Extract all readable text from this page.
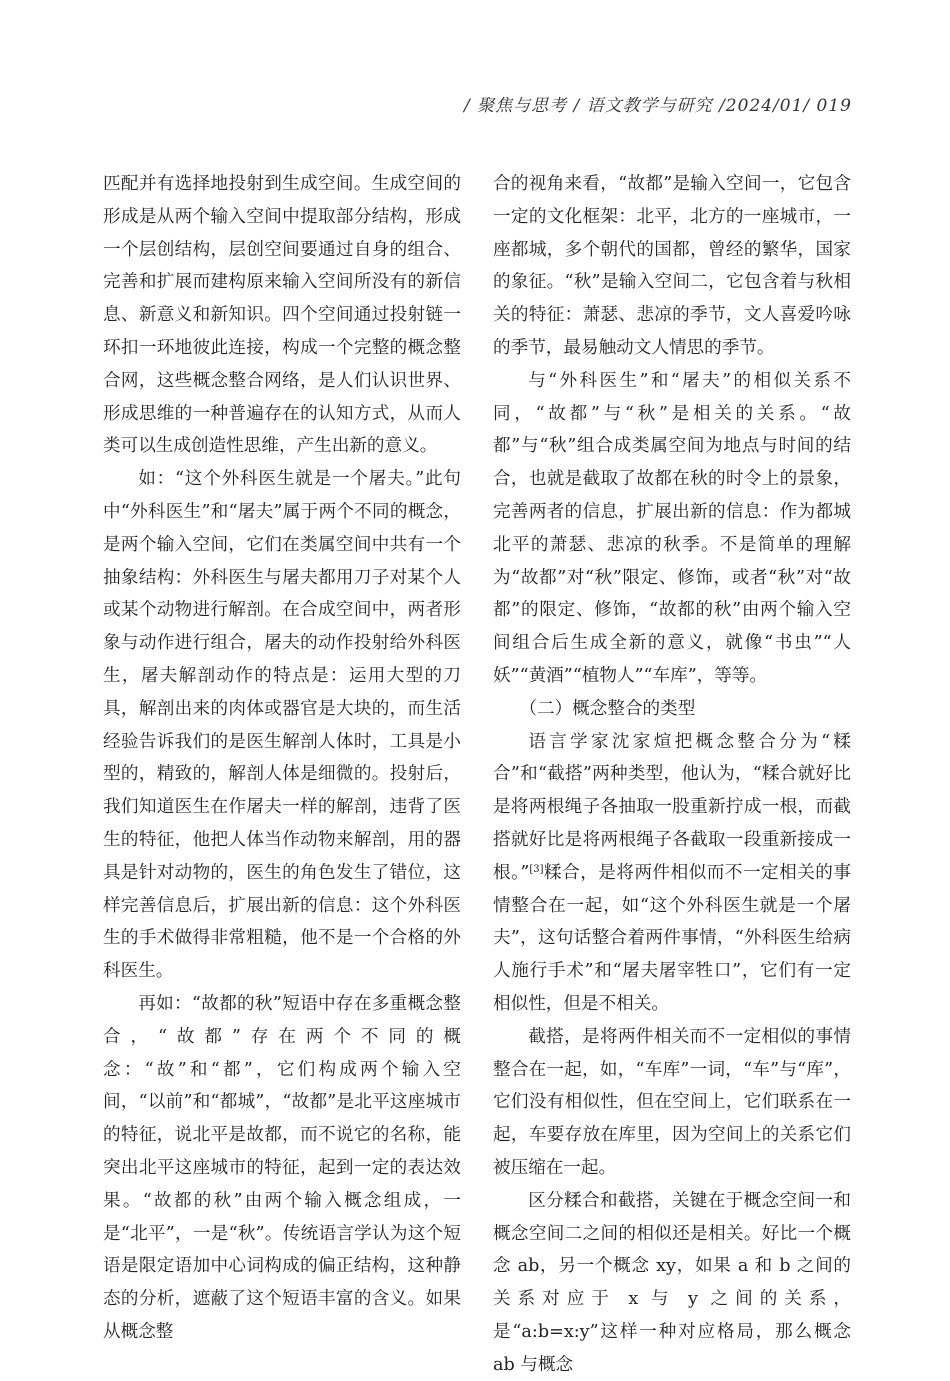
/ 聚焦与思考 / 语文教学与研究 /2024/01/ 019

匹配并有选择地投射到生成空间。生成空间的形成是从两个输入空间中提取部分结构，形成一个层创结构，层创空间要通过自身的组合、完善和扩展而建构原来输入空间所没有的新信息、新意义和新知识。四个空间通过投射链一环扣一环地彼此连接，构成一个完整的概念整合网，这些概念整合网络，是人们认识世界、形成思维的一种普遍存在的认知方式，从而人类可以生成创造性思维，产生出新的意义。

如：“这个外科医生就是一个屠夫。”此句中“外科医生”和“屠夫”属于两个不同的概念，是两个输入空间，它们在类属空间中共有一个抽象结构：外科医生与屠夫都用刀子对某个人或某个动物进行解剖。在合成空间中，两者形象与动作进行组合，屠夫的动作投射给外科医生，屠夫解剖动作的特点是：运用大型的刀具，解剖出来的肉体或器官是大块的，而生活经验告诉我们的是医生解剖人体时，工具是小型的，精致的，解剖人体是细微的。投射后，我们知道医生在作屠夫一样的解剖，违背了医生的特征，他把人体当作动物来解剖，用的器具是针对动物的，医生的角色发生了错位，这样完善信息后，扩展出新的信息：这个外科医生的手术做得非常粗糙，他不是一个合格的外科医生。

再如：“故都的秋”短语中存在多重概念整合，“故都”存在两个不同的概念：“故”和“都”，它们构成两个输入空间，“以前”和“都城”，“故都”是北平这座城市的特征，说北平是故都，而不说它的名称，能突出北平这座城市的特征，起到一定的表达效果。“故都的秋”由两个输入概念组成，一是“北平”，一是“秋”。传统语言学认为这个短语是限定语加中心词构成的偏正结构，这种静态的分析，遮蔽了这个短语丰富的含义。如果从概念整

合的视角来看，“故都”是输入空间一，它包含一定的文化框架：北平，北方的一座城市，一座都城，多个朝代的国都，曾经的繁华，国家的象征。“秋”是输入空间二，它包含着与秋相关的特征：萧瑟、悲凉的季节，文人喜爱吟咏的季节，最易触动文人情思的季节。

与“外科医生”和“屠夫”的相似关系不同，“故都”与“秋”是相关的关系。“故都”与“秋”组合成类属空间为地点与时间的结合，也就是截取了故都在秋的时令上的景象，完善两者的信息，扩展出新的信息：作为都城北平的萧瑟、悲凉的秋季。不是简单的理解为“故都”对“秋”限定、修饰，或者“秋”对“故都”的限定、修饰，“故都的秋”由两个输入空间组合后生成全新的意义，就像“书虫”“人妖”“黄酒”“植物人”“车库”，等等。

（二）概念整合的类型

语言学家沈家煊把概念整合分为“糅合”和“截搭”两种类型，他认为，“糅合就好比是将两根绳子各抽取一股重新拧成一根，而截搭就好比是将两根绳子各截取一段重新接成一根。”[3]糅合，是将两件相似而不一定相关的事情整合在一起，如“这个外科医生就是一个屠夫”，这句话整合着两件事情，“外科医生给病人施行手术”和“屠夫屠宰牲口”，它们有一定相似性，但是不相关。

截搭，是将两件相关而不一定相似的事情整合在一起，如，“车库”一词，“车”与“库”，它们没有相似性，但在空间上，它们联系在一起，车要存放在库里，因为空间上的关系它们被压缩在一起。

区分糅合和截搭，关键在于概念空间一和概念空间二之间的相似还是相关。好比一个概念 ab，另一个概念 xy，如果 a 和 b 之间的关系对应于 x 与 y 之间的关系，是“a:b=x:y”这样一种对应格局，那么概念 ab 与概念
